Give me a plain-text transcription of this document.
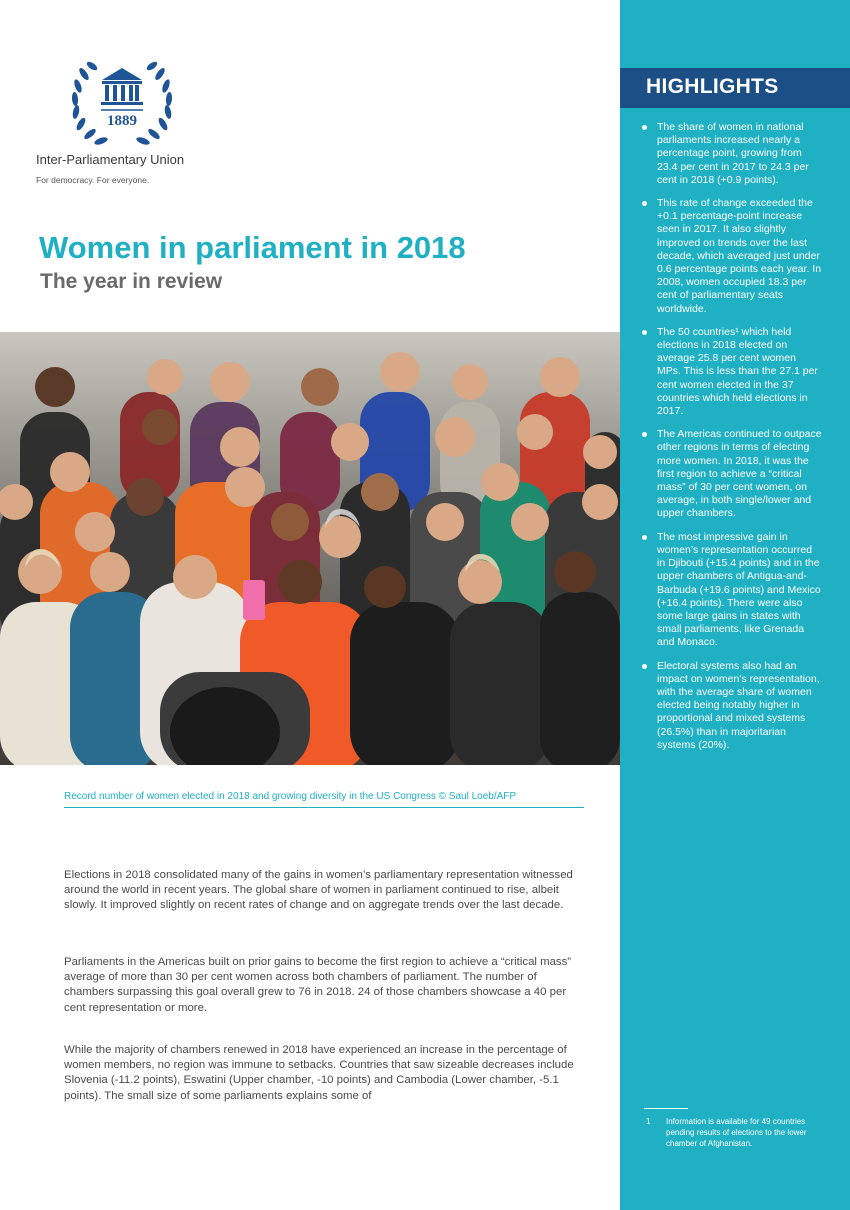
1889
Inter-Parliamentary Union
For democracy. For everyone.
Women in parliament in 2018
The year in review
Record number of women elected in 2018 and growing diversity in the US Congress © Saul Loeb/AFP

Elections in 2018 consolidated many of the gains in women’s parliamentary representation witnessed around the world in recent years. The global share of women in parliament continued to rise, albeit slowly. It improved slightly on recent rates of change and on aggregate trends over the last decade.

Parliaments in the Americas built on prior gains to become the first region to achieve a “critical mass” average of more than 30 per cent women across both chambers of parliament. The number of chambers surpassing this goal overall grew to 76 in 2018. 24 of those chambers showcase a 40 per cent representation or more.

While the majority of chambers renewed in 2018 have experienced an increase in the percentage of women members, no region was immune to setbacks. Countries that saw sizeable decreases include Slovenia (-11.2 points), Eswatini (Upper chamber, -10 points) and Cambodia (Lower chamber, -5.1 points). The small size of some parliaments explains some of

HIGHLIGHTS
The share of women in national parliaments increased nearly a percentage point, growing from 23.4 per cent in 2017 to 24.3 per cent in 2018 (+0.9 points).
This rate of change exceeded the +0.1 percentage-point increase seen in 2017. It also slightly improved on trends over the last decade, which averaged just under 0.6 percentage points each year. In 2008, women occupied 18.3 per cent of parliamentary seats worldwide.
The 50 countries¹ which held elections in 2018 elected on average 25.8 per cent women MPs. This is less than the 27.1 per cent women elected in the 37 countries which held elections in 2017.
The Americas continued to outpace other regions in terms of electing more women. In 2018, it was the first region to achieve a “critical mass” of 30 per cent women, on average, in both single/lower and upper chambers.
The most impressive gain in women’s representation occurred in Djibouti (+15.4 points) and in the upper chambers of Antigua-and-Barbuda (+19.6 points) and Mexico (+16.4 points). There were also some large gains in states with small parliaments, like Grenada and Monaco.
Electoral systems also had an impact on women’s representation, with the average share of women elected being notably higher in proportional and mixed systems (26.5%) than in majoritarian systems (20%).
1	Information is available for 49 countries pending results of elections to the lower chamber of Afghanistan.
